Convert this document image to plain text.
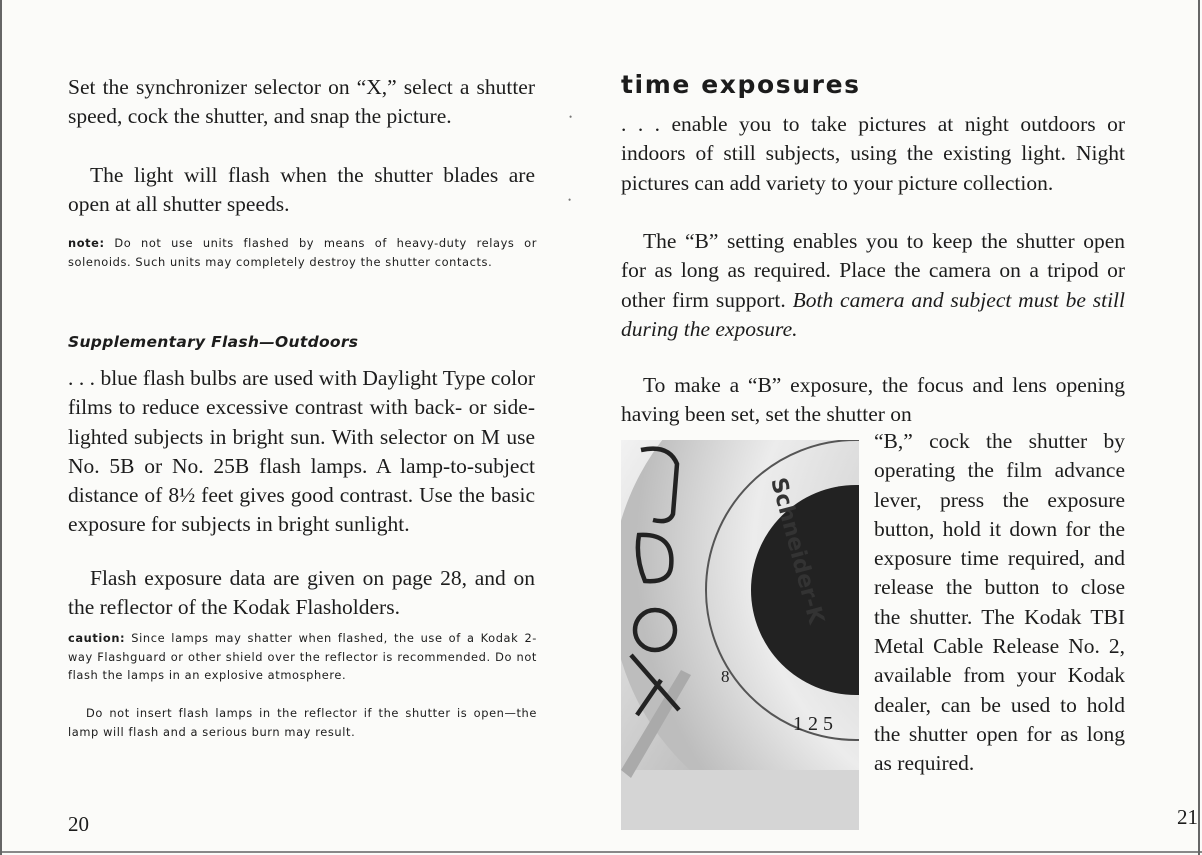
Set the synchronizer selector on “X,” select a shutter speed, cock the shutter, and snap the picture.

The light will flash when the shutter blades are open at all shutter speeds.

note: Do not use units flashed by means of heavy-duty relays or solenoids. Such units may completely destroy the shutter contacts.

Supplementary Flash—Outdoors

. . . blue flash bulbs are used with Daylight Type color films to reduce excessive contrast with back- or side-lighted subjects in bright sun. With selector on M use No. 5B or No. 25B flash lamps. A lamp-to-subject distance of 8½ feet gives good contrast. Use the basic exposure for subjects in bright sunlight.

Flash exposure data are given on page 28, and on the reflector of the Kodak Flasholders.

caution: Since lamps may shatter when flashed, the use of a Kodak 2-way Flashguard or other shield over the reflector is recommended. Do not flash the lamps in an explosive atmosphere.

Do not insert flash lamps in the reflector if the shutter is open—the lamp will flash and a serious burn may result.

20
•
•
time exposures

. . . enable you to take pictures at night outdoors or indoors of still subjects, using the existing light. Night pictures can add variety to your picture collection.

The “B” setting enables you to keep the shutter open for as long as required. Place the camera on a tripod or other firm support. Both camera and subject must be still during the exposure.

To make a “B” exposure, the focus and lens opening having been set, set the shutter on

1 2 5
8
Schneider-K

“B,” cock the shutter by operating the film advance lever, press the exposure button, hold it down for the exposure time required, and release the button to close the shutter. The Kodak TBI Metal Cable Release No. 2, available from your Kodak dealer, can be used to hold the shutter open for as long as required.

21
